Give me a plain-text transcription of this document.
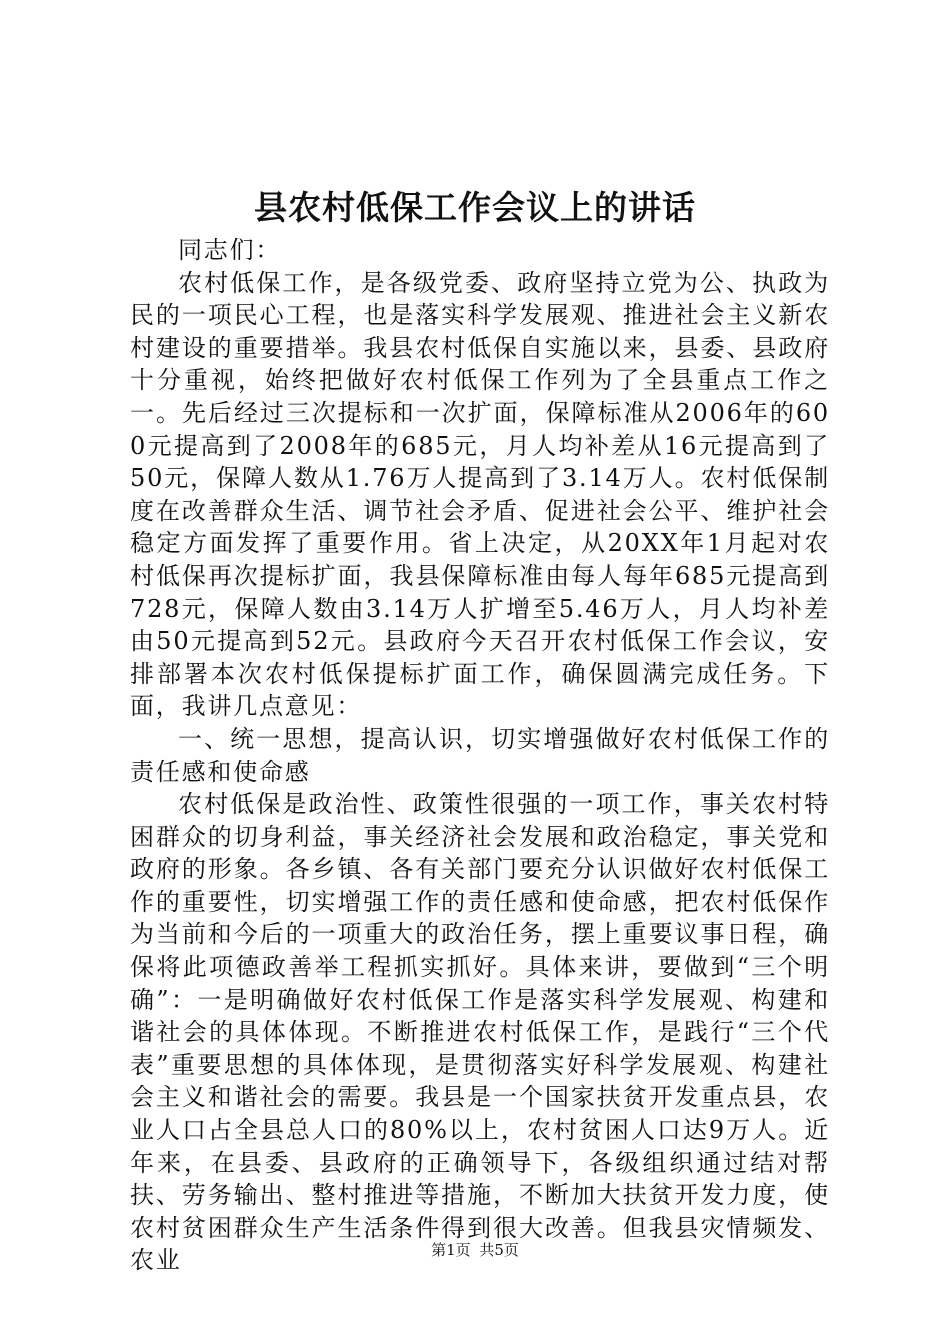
县农村低保工作会议上的讲话

同志们：

农村低保工作，是各级党委、政府坚持立党为公、执政为民的一项民心工程，也是落实科学发展观、推进社会主义新农村建设的重要措举。我县农村低保自实施以来，县委、县政府十分重视，始终把做好农村低保工作列为了全县重点工作之一。先后经过三次提标和一次扩面，保障标准从2006年的600元提高到了2008年的685元，月人均补差从16元提高到了50元，保障人数从1.76万人提高到了3.14万人。农村低保制度在改善群众生活、调节社会矛盾、促进社会公平、维护社会稳定方面发挥了重要作用。省上决定，从20XX年1月起对农村低保再次提标扩面，我县保障标准由每人每年685元提高到728元，保障人数由3.14万人扩增至5.46万人，月人均补差由50元提高到52元。县政府今天召开农村低保工作会议，安排部署本次农村低保提标扩面工作，确保圆满完成任务。下面，我讲几点意见：

一、统一思想，提高认识，切实增强做好农村低保工作的责任感和使命感

农村低保是政治性、政策性很强的一项工作，事关农村特困群众的切身利益，事关经济社会发展和政治稳定，事关党和政府的形象。各乡镇、各有关部门要充分认识做好农村低保工作的重要性，切实增强工作的责任感和使命感，把农村低保作为当前和今后的一项重大的政治任务，摆上重要议事日程，确保将此项德政善举工程抓实抓好。具体来讲，要做到“三个明确”：一是明确做好农村低保工作是落实科学发展观、构建和谐社会的具体体现。不断推进农村低保工作，是践行“三个代表”重要思想的具体体现，是贯彻落实好科学发展观、构建社会主义和谐社会的需要。我县是一个国家扶贫开发重点县，农业人口占全县总人口的80%以上，农村贫困人口达9万人。近年来，在县委、县政府的正确领导下，各级组织通过结对帮扶、劳务输出、整村推进等措施，不断加大扶贫开发力度，使农村贫困群众生产生活条件得到很大改善。但我县灾情频发、农业	第1页 共5页
